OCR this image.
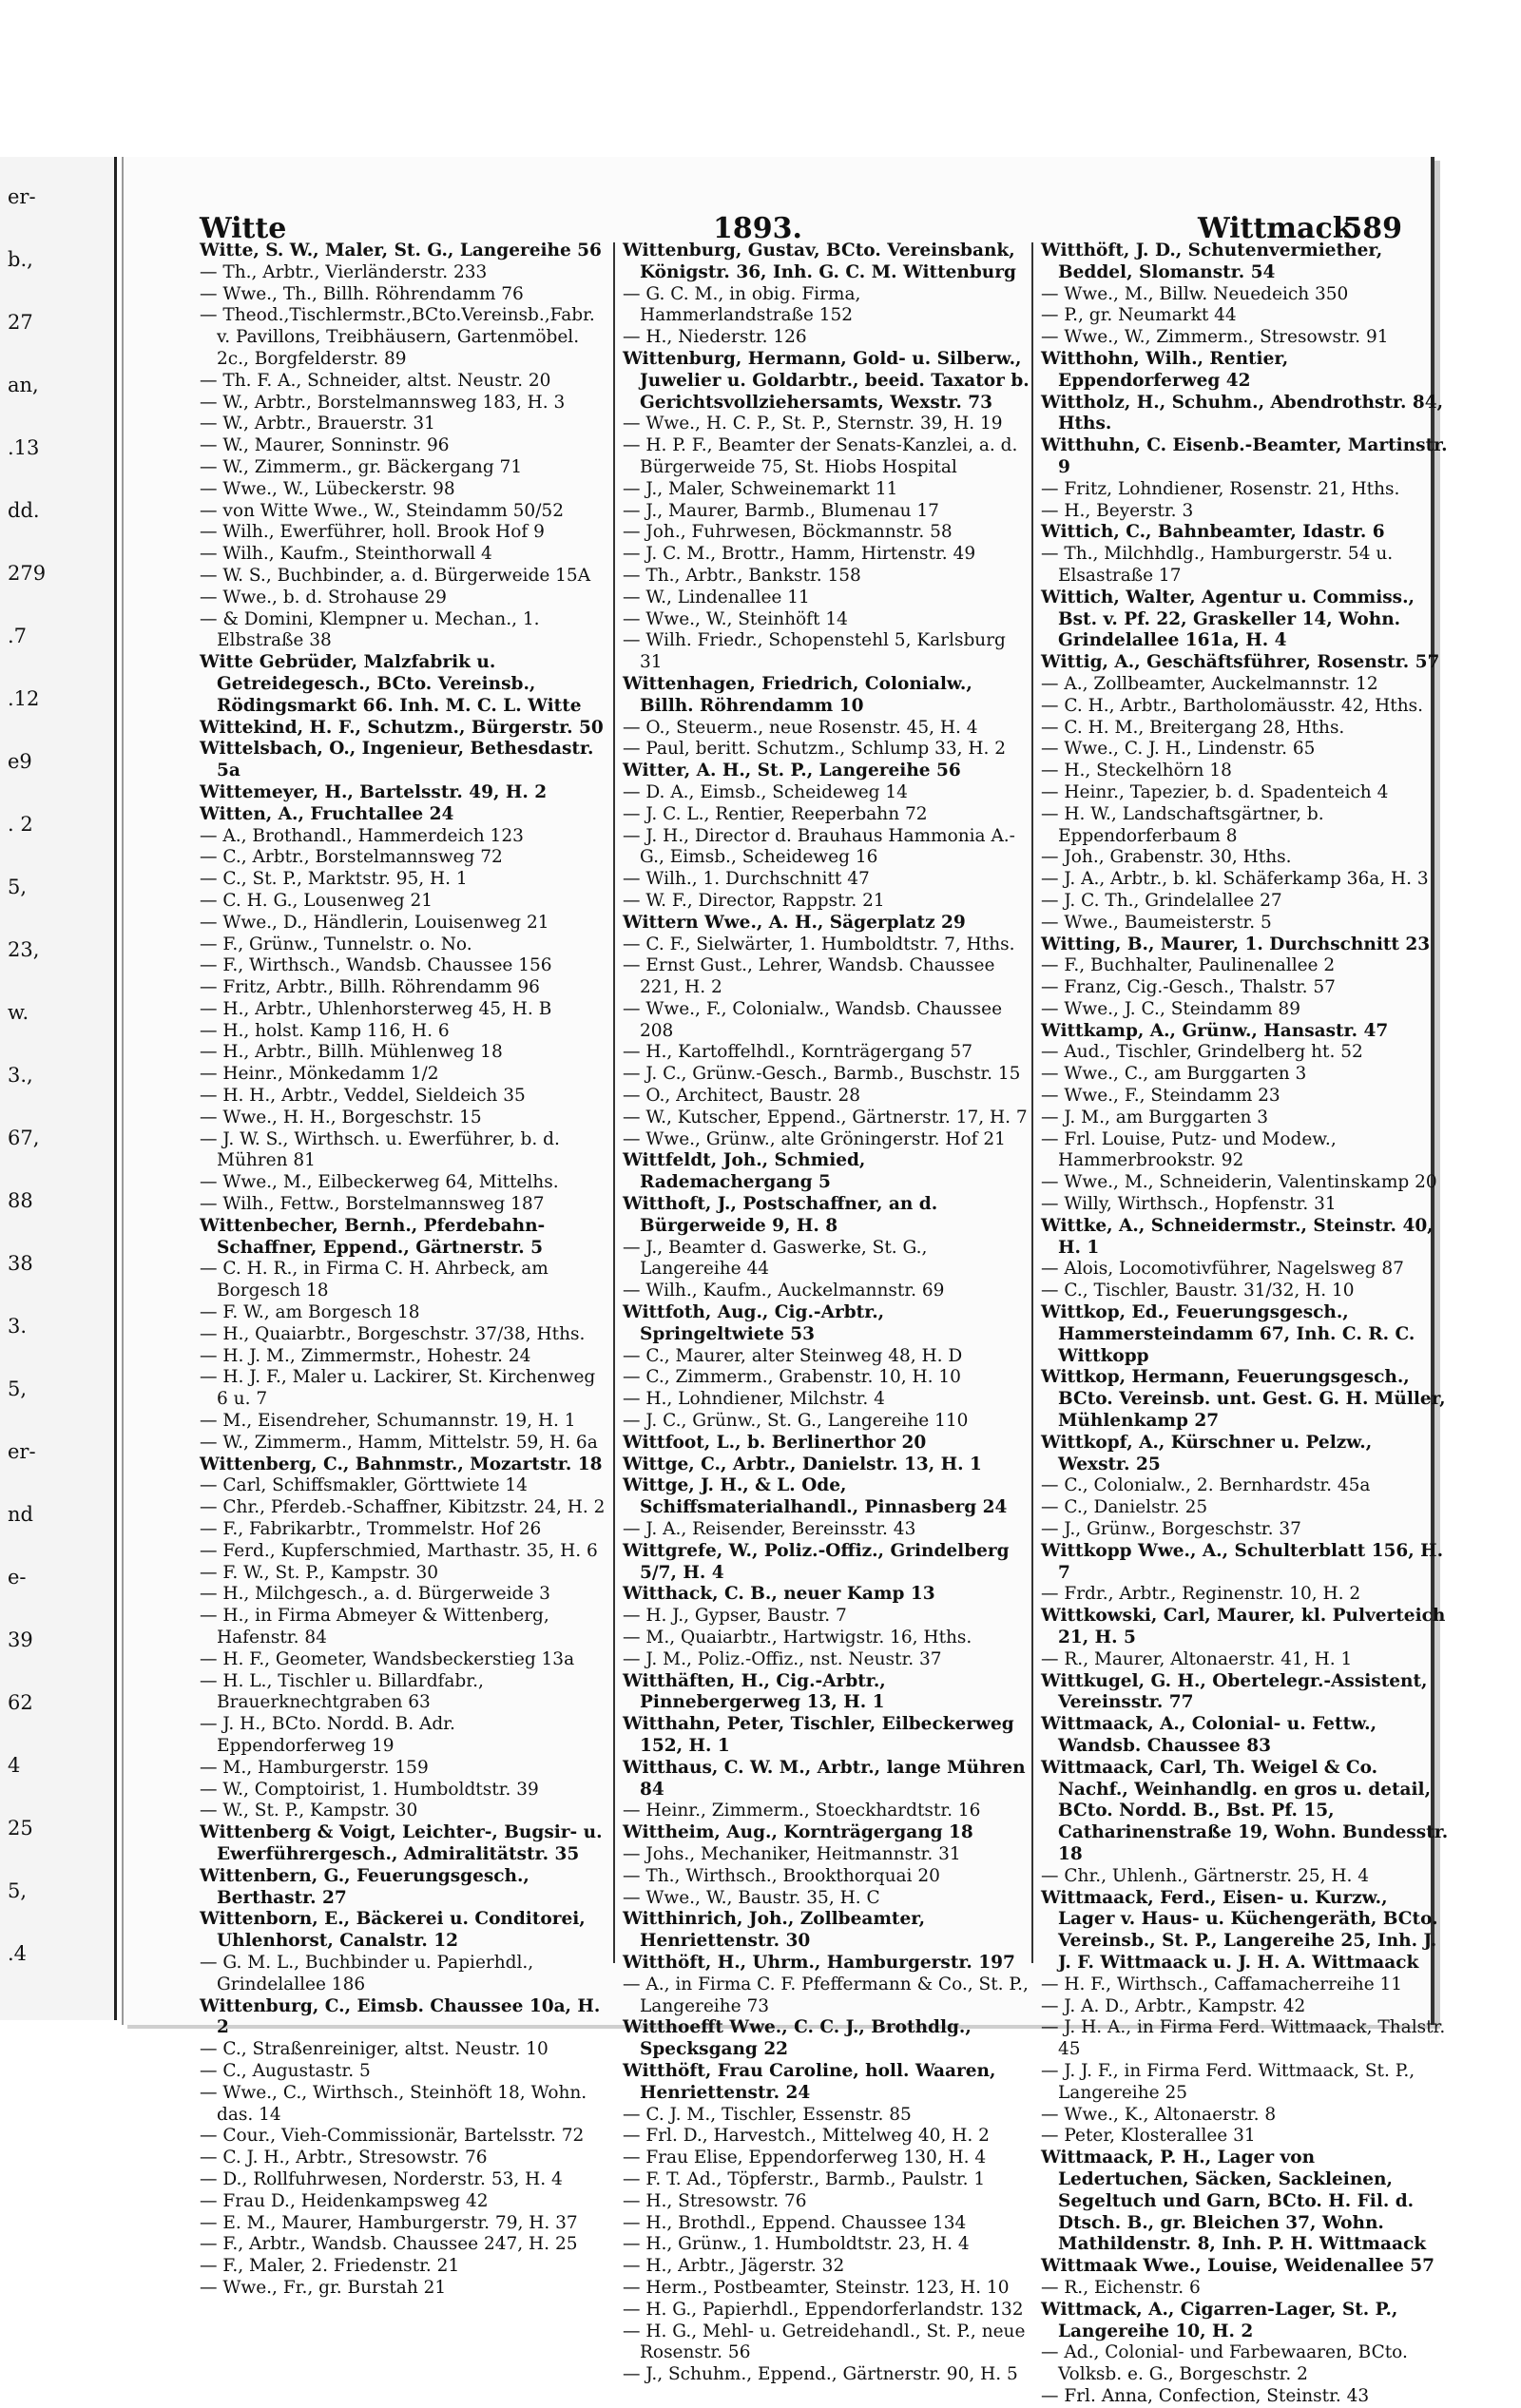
er-
b.,
27
an,
.13
dd.
279
.7
.12
e9
. 2
5,
23,
w.
3.,
67,
88
38
3.
5,
er-
nd
e-
39
62
4
25
5,
.4
Witte	1893.	Wittmack
589

Witte, S. W., Maler, St. G., Langereihe 56

— Th., Arbtr., Vierländerstr. 233

— Wwe., Th., Billh. Röhrendamm 76

— Theod.,Tischlermstr.,BCto.Vereinsb.,Fabr. v. Pavillons, Treibhäusern, Gartenmöbel. 2c., Borgfelderstr. 89

— Th. F. A., Schneider, altst. Neustr. 20

— W., Arbtr., Borstelmannsweg 183, H. 3

— W., Arbtr., Brauerstr. 31

— W., Maurer, Sonninstr. 96

— W., Zimmerm., gr. Bäckergang 71

— Wwe., W., Lübeckerstr. 98

— von Witte Wwe., W., Steindamm 50/52

— Wilh., Ewerführer, holl. Brook Hof 9

— Wilh., Kaufm., Steinthorwall 4

— W. S., Buchbinder, a. d. Bürgerweide 15A

— Wwe., b. d. Strohause 29

— & Domini, Klempner u. Mechan., 1. Elbstraße 38

Witte Gebrüder, Malzfabrik u. Getreidegesch., BCto. Vereinsb., Rödingsmarkt 66. Inh. M. C. L. Witte

Wittekind, H. F., Schutzm., Bürgerstr. 50

Wittelsbach, O., Ingenieur, Bethesdastr. 5a

Wittemeyer, H., Bartelsstr. 49, H. 2

Witten, A., Fruchtallee 24

— A., Brothandl., Hammerdeich 123

— C., Arbtr., Borstelmannsweg 72

— C., St. P., Marktstr. 95, H. 1

— C. H. G., Lousenweg 21

— Wwe., D., Händlerin, Louisenweg 21

— F., Grünw., Tunnelstr. o. No.

— F., Wirthsch., Wandsb. Chaussee 156

— Fritz, Arbtr., Billh. Röhrendamm 96

— H., Arbtr., Uhlenhorsterweg 45, H. B

— H., holst. Kamp 116, H. 6

— H., Arbtr., Billh. Mühlenweg 18

— Heinr., Mönkedamm 1/2

— H. H., Arbtr., Veddel, Sieldeich 35

— Wwe., H. H., Borgeschstr. 15

— J. W. S., Wirthsch. u. Ewerführer, b. d. Mühren 81

— Wwe., M., Eilbeckerweg 64, Mittelhs.

— Wilh., Fettw., Borstelmannsweg 187

Wittenbecher, Bernh., Pferdebahn-Schaffner, Eppend., Gärtnerstr. 5

— C. H. R., in Firma C. H. Ahrbeck, am Borgesch 18

— F. W., am Borgesch 18

— H., Quaiarbtr., Borgeschstr. 37/38, Hths.

— H. J. M., Zimmermstr., Hohestr. 24

— H. J. F., Maler u. Lackirer, St. Kirchenweg 6 u. 7

— M., Eisendreher, Schumannstr. 19, H. 1

— W., Zimmerm., Hamm, Mittelstr. 59, H. 6a

Wittenberg, C., Bahnmstr., Mozartstr. 18

— Carl, Schiffsmakler, Görttwiete 14

— Chr., Pferdeb.-Schaffner, Kibitzstr. 24, H. 2

— F., Fabrikarbtr., Trommelstr. Hof 26

— Ferd., Kupferschmied, Marthastr. 35, H. 6

— F. W., St. P., Kampstr. 30

— H., Milchgesch., a. d. Bürgerweide 3

— H., in Firma Abmeyer & Wittenberg, Hafenstr. 84

— H. F., Geometer, Wandsbeckerstieg 13a

— H. L., Tischler u. Billardfabr., Brauerknechtgraben 63

— J. H., BCto. Nordd. B. Adr. Eppendorferweg 19

— M., Hamburgerstr. 159

— W., Comptoirist, 1. Humboldtstr. 39

— W., St. P., Kampstr. 30

Wittenberg & Voigt, Leichter-, Bugsir- u. Ewerführergesch., Admiralitätstr. 35

Wittenbern, G., Feuerungsgesch., Berthastr. 27

Wittenborn, E., Bäckerei u. Conditorei, Uhlenhorst, Canalstr. 12

— G. M. L., Buchbinder u. Papierhdl., Grindelallee 186

Wittenburg, C., Eimsb. Chaussee 10a, H. 2

— C., Straßenreiniger, altst. Neustr. 10

— C., Augustastr. 5

— Wwe., C., Wirthsch., Steinhöft 18, Wohn. das. 14

— Cour., Vieh-Commissionär, Bartelsstr. 72

— C. J. H., Arbtr., Stresowstr. 76

— D., Rollfuhrwesen, Norderstr. 53, H. 4

— Frau D., Heidenkampsweg 42

— E. M., Maurer, Hamburgerstr. 79, H. 37

— F., Arbtr., Wandsb. Chaussee 247, H. 25

— F., Maler, 2. Friedenstr. 21

— Wwe., Fr., gr. Burstah 21

Wittenburg, Gustav, BCto. Vereinsbank, Königstr. 36, Inh. G. C. M. Wittenburg

— G. C. M., in obig. Firma, Hammerlandstraße 152

— H., Niederstr. 126

Wittenburg, Hermann, Gold- u. Silberw., Juwelier u. Goldarbtr., beeid. Taxator b. Gerichtsvollziehersamts, Wexstr. 73

— Wwe., H. C. P., St. P., Sternstr. 39, H. 19

— H. P. F., Beamter der Senats-Kanzlei, a. d. Bürgerweide 75, St. Hiobs Hospital

— J., Maler, Schweinemarkt 11

— J., Maurer, Barmb., Blumenau 17

— Joh., Fuhrwesen, Böckmannstr. 58

— J. C. M., Brottr., Hamm, Hirtenstr. 49

— Th., Arbtr., Bankstr. 158

— W., Lindenallee 11

— Wwe., W., Steinhöft 14

— Wilh. Friedr., Schopenstehl 5, Karlsburg 31

Wittenhagen, Friedrich, Colonialw., Billh. Röhrendamm 10

— O., Steuerm., neue Rosenstr. 45, H. 4

— Paul, beritt. Schutzm., Schlump 33, H. 2

Witter, A. H., St. P., Langereihe 56

— D. A., Eimsb., Scheideweg 14

— J. C. L., Rentier, Reeperbahn 72

— J. H., Director d. Brauhaus Hammonia A.-G., Eimsb., Scheideweg 16

— Wilh., 1. Durchschnitt 47

— W. F., Director, Rappstr. 21

Wittern Wwe., A. H., Sägerplatz 29

— C. F., Sielwärter, 1. Humboldtstr. 7, Hths.

— Ernst Gust., Lehrer, Wandsb. Chaussee 221, H. 2

— Wwe., F., Colonialw., Wandsb. Chaussee 208

— H., Kartoffelhdl., Kornträgergang 57

— J. C., Grünw.-Gesch., Barmb., Buschstr. 15

— O., Architect, Baustr. 28

— W., Kutscher, Eppend., Gärtnerstr. 17, H. 7

— Wwe., Grünw., alte Gröningerstr. Hof 21

Wittfeldt, Joh., Schmied, Rademachergang 5

Witthoft, J., Postschaffner, an d. Bürgerweide 9, H. 8

— J., Beamter d. Gaswerke, St. G., Langereihe 44

— Wilh., Kaufm., Auckelmannstr. 69

Wittfoth, Aug., Cig.-Arbtr., Springeltwiete 53

— C., Maurer, alter Steinweg 48, H. D

— C., Zimmerm., Grabenstr. 10, H. 10

— H., Lohndiener, Milchstr. 4

— J. C., Grünw., St. G., Langereihe 110

Wittfoot, L., b. Berlinerthor 20

Wittge, C., Arbtr., Danielstr. 13, H. 1

Wittge, J. H., & L. Ode, Schiffsmaterialhandl., Pinnasberg 24

— J. A., Reisender, Bereinsstr. 43

Wittgrefe, W., Poliz.-Offiz., Grindelberg 5/7, H. 4

Witthack, C. B., neuer Kamp 13

— H. J., Gypser, Baustr. 7

— M., Quaiarbtr., Hartwigstr. 16, Hths.

— J. M., Poliz.-Offiz., nst. Neustr. 37

Witthäften, H., Cig.-Arbtr., Pinnebergerweg 13, H. 1

Witthahn, Peter, Tischler, Eilbeckerweg 152, H. 1

Witthaus, C. W. M., Arbtr., lange Mühren 84

— Heinr., Zimmerm., Stoeckhardtstr. 16

Wittheim, Aug., Kornträgergang 18

— Johs., Mechaniker, Heitmannstr. 31

— Th., Wirthsch., Brookthorquai 20

— Wwe., W., Baustr. 35, H. C

Witthinrich, Joh., Zollbeamter, Henriettenstr. 30

Witthöft, H., Uhrm., Hamburgerstr. 197

— A., in Firma C. F. Pfeffermann & Co., St. P., Langereihe 73

Witthoefft Wwe., C. C. J., Brothdlg., Specksgang 22

Witthöft, Frau Caroline, holl. Waaren, Henriettenstr. 24

— C. J. M., Tischler, Essenstr. 85

— Frl. D., Harvestch., Mittelweg 40, H. 2

— Frau Elise, Eppendorferweg 130, H. 4

— F. T. Ad., Töpferstr., Barmb., Paulstr. 1

— H., Stresowstr. 76

— H., Brothdl., Eppend. Chaussee 134

— H., Grünw., 1. Humboldtstr. 23, H. 4

— H., Arbtr., Jägerstr. 32

— Herm., Postbeamter, Steinstr. 123, H. 10

— H. G., Papierhdl., Eppendorferlandstr. 132

— H. G., Mehl- u. Getreidehandl., St. P., neue Rosenstr. 56

— J., Schuhm., Eppend., Gärtnerstr. 90, H. 5

Witthöft, J. D., Schutenvermiether, Beddel, Slomanstr. 54

— Wwe., M., Billw. Neuedeich 350

— P., gr. Neumarkt 44

— Wwe., W., Zimmerm., Stresowstr. 91

Witthohn, Wilh., Rentier, Eppendorferweg 42

Wittholz, H., Schuhm., Abendrothstr. 84, Hths.

Witthuhn, C. Eisenb.-Beamter, Martinstr. 9

— Fritz, Lohndiener, Rosenstr. 21, Hths.

— H., Beyerstr. 3

Wittich, C., Bahnbeamter, Idastr. 6

— Th., Milchhdlg., Hamburgerstr. 54 u. Elsastraße 17

Wittich, Walter, Agentur u. Commiss., Bst. v. Pf. 22, Graskeller 14, Wohn. Grindelallee 161a, H. 4

Wittig, A., Geschäftsführer, Rosenstr. 57

— A., Zollbeamter, Auckelmannstr. 12

— C. H., Arbtr., Bartholomäusstr. 42, Hths.

— C. H. M., Breitergang 28, Hths.

— Wwe., C. J. H., Lindenstr. 65

— H., Steckelhörn 18

— Heinr., Tapezier, b. d. Spadenteich 4

— H. W., Landschaftsgärtner, b. Eppendorferbaum 8

— Joh., Grabenstr. 30, Hths.

— J. A., Arbtr., b. kl. Schäferkamp 36a, H. 3

— J. C. Th., Grindelallee 27

— Wwe., Baumeisterstr. 5

Witting, B., Maurer, 1. Durchschnitt 23

— F., Buchhalter, Paulinenallee 2

— Franz, Cig.-Gesch., Thalstr. 57

— Wwe., J. C., Steindamm 89

Wittkamp, A., Grünw., Hansastr. 47

— Aud., Tischler, Grindelberg ht. 52

— Wwe., C., am Burggarten 3

— Wwe., F., Steindamm 23

— J. M., am Burggarten 3

— Frl. Louise, Putz- und Modew., Hammerbrookstr. 92

— Wwe., M., Schneiderin, Valentinskamp 20

— Willy, Wirthsch., Hopfenstr. 31

Wittke, A., Schneidermstr., Steinstr. 40, H. 1

— Alois, Locomotivführer, Nagelsweg 87

— C., Tischler, Baustr. 31/32, H. 10

Wittkop, Ed., Feuerungsgesch., Hammersteindamm 67, Inh. C. R. C. Wittkopp

Wittkop, Hermann, Feuerungsgesch., BCto. Vereinsb. unt. Gest. G. H. Müller, Mühlenkamp 27

Wittkopf, A., Kürschner u. Pelzw., Wexstr. 25

— C., Colonialw., 2. Bernhardstr. 45a

— C., Danielstr. 25

— J., Grünw., Borgeschstr. 37

Wittkopp Wwe., A., Schulterblatt 156, H. 7

— Frdr., Arbtr., Reginenstr. 10, H. 2

Wittkowski, Carl, Maurer, kl. Pulverteich 21, H. 5

— R., Maurer, Altonaerstr. 41, H. 1

Wittkugel, G. H., Obertelegr.-Assistent, Vereinsstr. 77

Wittmaack, A., Colonial- u. Fettw., Wandsb. Chaussee 83

Wittmaack, Carl, Th. Weigel & Co. Nachf., Weinhandlg. en gros u. detail, BCto. Nordd. B., Bst. Pf. 15, Catharinenstraße 19, Wohn. Bundesstr. 18

— Chr., Uhlenh., Gärtnerstr. 25, H. 4

Wittmaack, Ferd., Eisen- u. Kurzw., Lager v. Haus- u. Küchengeräth, BCto. Vereinsb., St. P., Langereihe 25, Inh. J. J. F. Wittmaack u. J. H. A. Wittmaack

— H. F., Wirthsch., Caffamacherreihe 11

— J. A. D., Arbtr., Kampstr. 42

— J. H. A., in Firma Ferd. Wittmaack, Thalstr. 45

— J. J. F., in Firma Ferd. Wittmaack, St. P., Langereihe 25

— Wwe., K., Altonaerstr. 8

— Peter, Klosterallee 31

Wittmaack, P. H., Lager von Ledertuchen, Säcken, Sackleinen, Segeltuch und Garn, BCto. H. Fil. d. Dtsch. B., gr. Bleichen 37, Wohn. Mathildenstr. 8, Inh. P. H. Wittmaack

Wittmaak Wwe., Louise, Weidenallee 57

— R., Eichenstr. 6

Wittmack, A., Cigarren-Lager, St. P., Langereihe 10, H. 2

— Ad., Colonial- und Farbewaaren, BCto. Volksb. e. G., Borgeschstr. 2

— Frl. Anna, Confection, Steinstr. 43
